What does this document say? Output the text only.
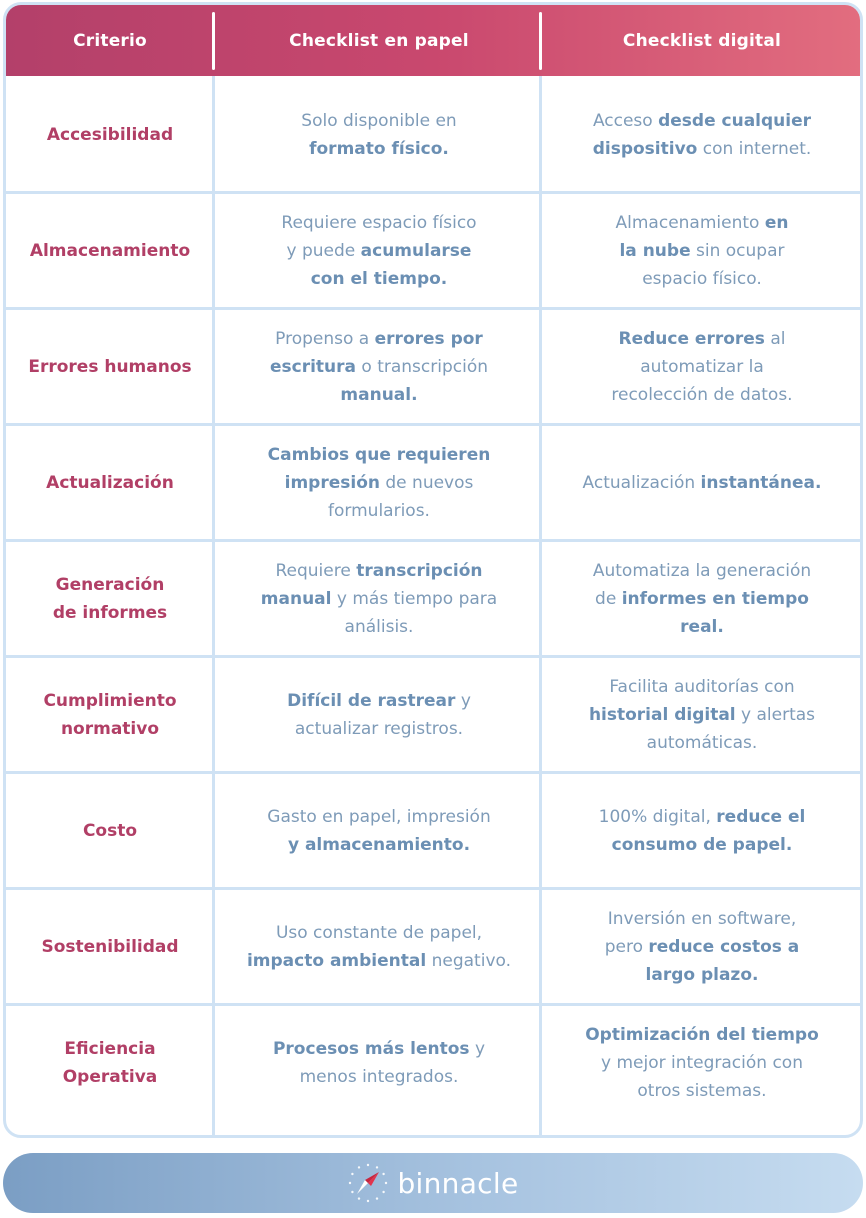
Criterio	Checklist en papel	Checklist digital
Accesibilidad
Solo disponible en
formato físico.
Acceso desde cualquier
dispositivo con internet.
Almacenamiento
Requiere espacio físico
y puede acumularse
con el tiempo.
Almacenamiento en
la nube sin ocupar
espacio físico.
Errores humanos
Propenso a errores por
escritura o transcripción
manual.
Reduce errores al
automatizar la
recolección de datos.
Actualización
Cambios que requieren
impresión de nuevos
formularios.
Actualización instantánea.
Generación
de informes
Requiere transcripción
manual y más tiempo para
análisis.
Automatiza la generación
de informes en tiempo
real.
Cumplimiento
normativo
Difícil de rastrear y
actualizar registros.
Facilita auditorías con
historial digital y alertas
automáticas.
Costo
Gasto en papel, impresión
y almacenamiento.
100% digital, reduce el
consumo de papel.
Sostenibilidad
Uso constante de papel,
impacto ambiental negativo.
Inversión en software,
pero reduce costos a
largo plazo.
Eficiencia
Operativa
Procesos más lentos y
menos integrados.
Optimización del tiempo
y mejor integración con
otros sistemas.
binnacle
